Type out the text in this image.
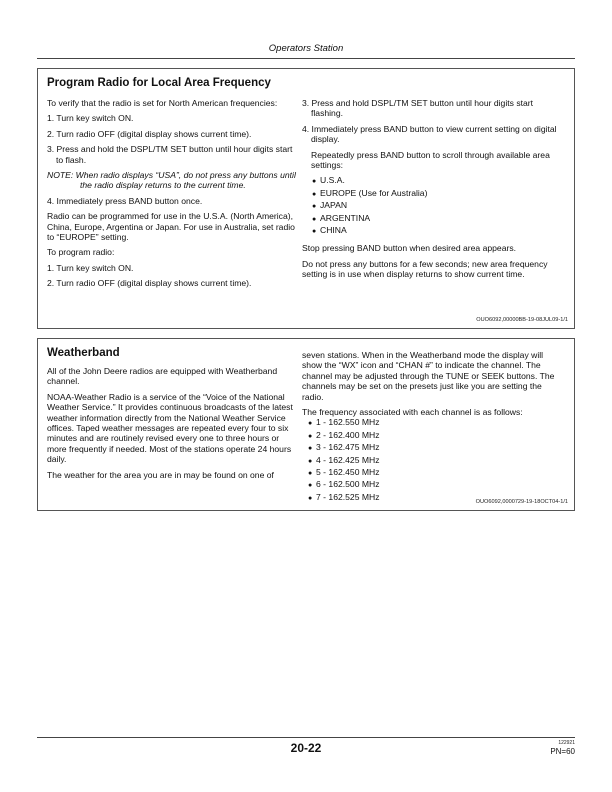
Operators Station
Program Radio for Local Area Frequency

To verify that the radio is set for North American frequencies:

1. Turn key switch ON.

2. Turn radio OFF (digital display shows current time).

3. Press and hold the DSPL/TM SET button until hour digits start to flash.

NOTE: When radio displays “USA”, do not press any buttons until the radio display returns to the current time.

4. Immediately press BAND button once.

Radio can be programmed for use in the U.S.A. (North America), China, Europe, Argentina or Japan. For use in Australia, set radio to “EUROPE” setting.

To program radio:

1. Turn key switch ON.

2. Turn radio OFF (digital display shows current time).

3. Press and hold DSPL/TM SET button until hour digits start flashing.

4. Immediately press BAND button to view current setting on digital display.

Repeatedly press BAND button to scroll through available area settings:

● U.S.A.
● EUROPE (Use for Australia)
● JAPAN
● ARGENTINA
● CHINA

Stop pressing BAND button when desired area appears.

Do not press any buttons for a few seconds; new area frequency setting is in use when display returns to show current time.

OUO6092,00000BB-19-08JUL09-1/1
Weatherband

All of the John Deere radios are equipped with Weatherband channel.

NOAA-Weather Radio is a service of the “Voice of the National Weather Service.” It provides continuous broadcasts of the latest weather information directly from the National Weather Service offices. Taped weather messages are repeated every four to six minutes and are routinely revised every one to three hours or more frequently if needed. Most of the stations operate 24 hours daily.

The weather for the area you are in may be found on one of

seven stations. When in the Weatherband mode the display will show the “WX” icon and “CHAN #” to indicate the channel. The channel may be adjusted through the TUNE or SEEK buttons. The channels may be set on the presets just like you are setting the radio.

The frequency associated with each channel is as follows:

● 1 - 162.550 MHz
● 2 - 162.400 MHz
● 3 - 162.475 MHz
● 4 - 162.425 MHz
● 5 - 162.450 MHz
● 6 - 162.500 MHz
● 7 - 162.525 MHz
OUO6092,0000729-19-18OCT04-1/1
20-22	122921
PN=60
